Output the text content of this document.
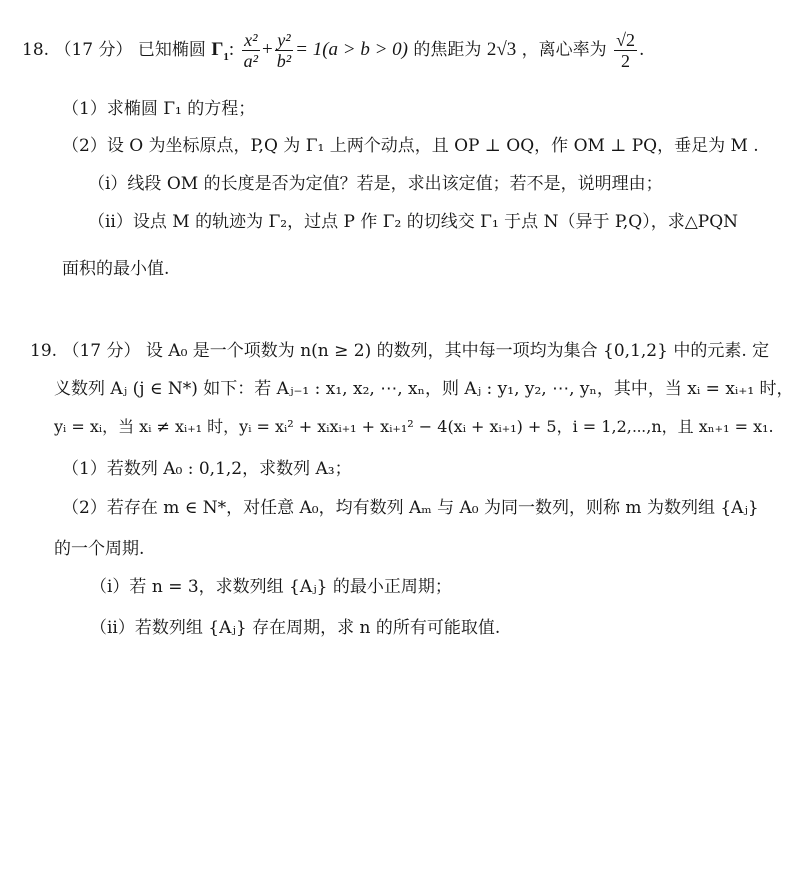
18. （17 分） 已知椭圆 $\Gamma_1$: $\frac{\text{x²}}{\text{a²}} + \frac{\text{y²}}{\text{b²}} = 1(a > b > 0)$ 的焦距为 2√3 ，离心率为 $\frac{√2}{2}$ .
（1）求椭圆 Γ₁ 的方程；
（2）设 O 为坐标原点，P,Q 为 Γ₁ 上两个动点，且 OP ⊥ OQ，作 OM ⊥ PQ，垂足为 M .
（i）线段 OM 的长度是否为定值？若是，求出该定值；若不是，说明理由；
（ii）设点 M 的轨迹为 Γ₂，过点 P 作 Γ₂ 的切线交 Γ₁ 于点 N（异于 P,Q），求△PQN
面积的最小值.
19. （17 分） 设 A₀ 是一个项数为 n(n ≥ 2) 的数列，其中每一项均为集合 {0,1,2} 中的元素. 定
义数列 Aⱼ (j ∈ N*) 如下：若 Aⱼ₋₁ : x₁, x₂, ⋯, xₙ，则 Aⱼ : y₁, y₂, ⋯, yₙ，其中，当 xᵢ = xᵢ₊₁ 时，
yᵢ = xᵢ，当 xᵢ ≠ xᵢ₊₁ 时，yᵢ = xᵢ² + xᵢxᵢ₊₁ + xᵢ₊₁² − 4(xᵢ + xᵢ₊₁) + 5，i = 1,2,⋯,n，且 xₙ₊₁ = x₁.
（1）若数列 A₀ : 0,1,2，求数列 A₃；
（2）若存在 m ∈ N*，对任意 A₀，均有数列 Aₘ 与 A₀ 为同一数列，则称 m 为数列组 {Aⱼ}
的一个周期.
（i）若 n = 3，求数列组 {Aⱼ} 的最小正周期；
（ii）若数列组 {Aⱼ} 存在周期，求 n 的所有可能取值.
